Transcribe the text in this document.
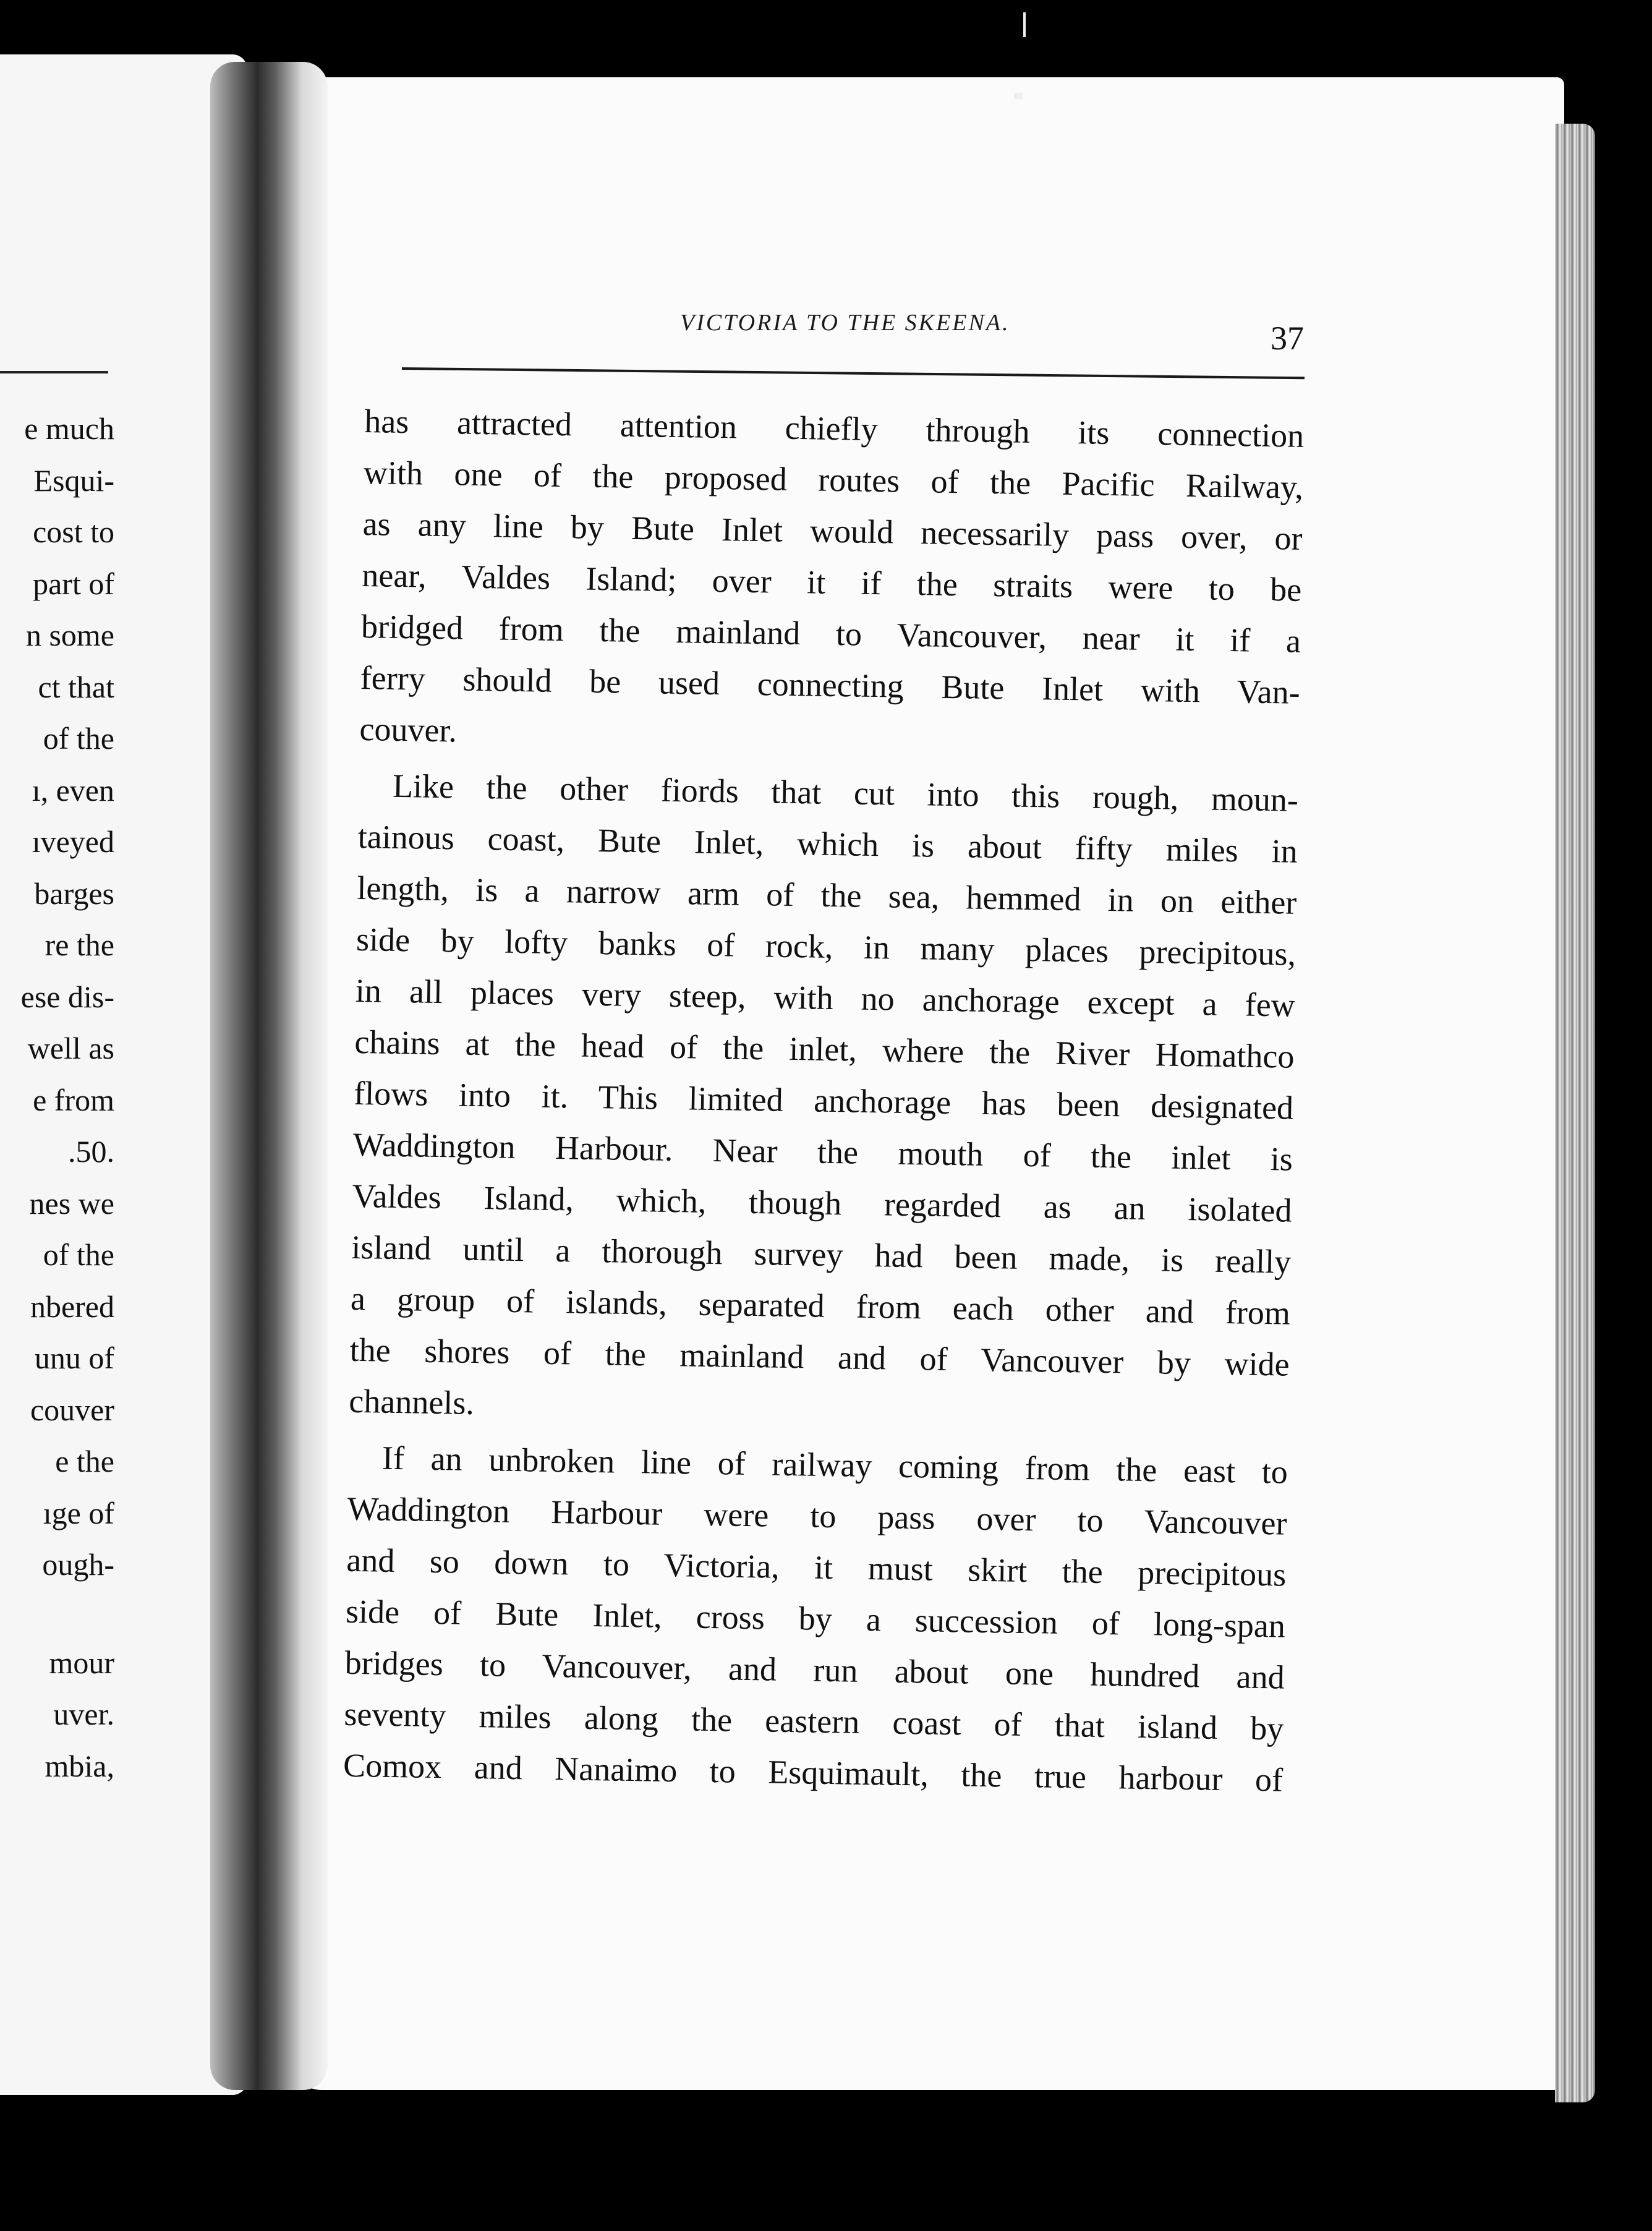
e much
Esqui-
cost to
part of
n some
ct that
of the
ı, even
ıveyed
barges
re the
ese dis-
well as
e from
.50.
nes we
of the
nbered
unu of
couver
e the
ıge of
ough-
mour
uver.
mbia,
VICTORIA TO THE SKEENA.	37
has attracted attention chiefly through its connection
with one of the proposed routes of the Pacific Railway,
as any line by Bute Inlet would necessarily pass over, or
near, Valdes Island; over it if the straits were to be
bridged from the mainland to Vancouver, near it if a
ferry should be used connecting Bute Inlet with Van-
couver.
Like the other fiords that cut into this rough, moun-
tainous coast, Bute Inlet, which is about fifty miles in
length, is a narrow arm of the sea, hemmed in on either
side by lofty banks of rock, in many places precipitous,
in all places very steep, with no anchorage except a few
chains at the head of the inlet, where the River Homathco
flows into it. This limited anchorage has been designated
Waddington Harbour. Near the mouth of the inlet is
Valdes Island, which, though regarded as an isolated
island until a thorough survey had been made, is really
a group of islands, separated from each other and from
the shores of the mainland and of Vancouver by wide
channels.
If an unbroken line of railway coming from the east to
Waddington Harbour were to pass over to Vancouver
and so down to Victoria, it must skirt the precipitous
side of Bute Inlet, cross by a succession of long-span
bridges to Vancouver, and run about one hundred and
seventy miles along the eastern coast of that island by
Comox and Nanaimo to Esquimault, the true harbour of
